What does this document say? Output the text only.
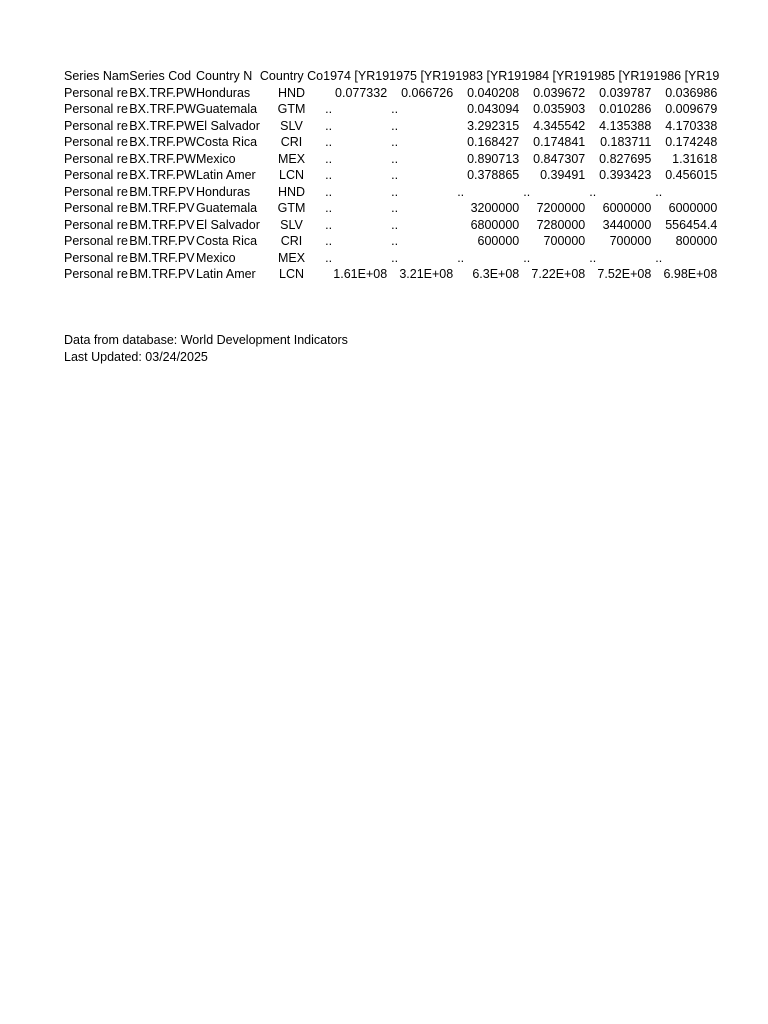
Series Nam	Series Cod	Country N	Country Co	1974 [YR19	1975 [YR19	1983 [YR19	1984 [YR19	1985 [YR19	1986 [YR19
Personal re	BX.TRF.PW	Honduras	HND	0.077332	0.066726	0.040208	0.039672	0.039787	0.036986
Personal re	BX.TRF.PW	Guatemala	GTM	..	..	0.043094	0.035903	0.010286	0.009679
Personal re	BX.TRF.PW	El Salvador	SLV	..	..	3.292315	4.345542	4.135388	4.170338
Personal re	BX.TRF.PW	Costa Rica	CRI	..	..	0.168427	0.174841	0.183711	0.174248
Personal re	BX.TRF.PW	Mexico	MEX	..	..	0.890713	0.847307	0.827695	1.31618
Personal re	BX.TRF.PW	Latin Amer	LCN	..	..	0.378865	0.39491	0.393423	0.456015
Personal re	BM.TRF.PV	Honduras	HND	..	..	..	..	..	..
Personal re	BM.TRF.PV	Guatemala	GTM	..	..	3200000	7200000	6000000	6000000
Personal re	BM.TRF.PV	El Salvador	SLV	..	..	6800000	7280000	3440000	556454.4
Personal re	BM.TRF.PV	Costa Rica	CRI	..	..	600000	700000	700000	800000
Personal re	BM.TRF.PV	Mexico	MEX	..	..	..	..	..	..
Personal re	BM.TRF.PV	Latin Amer	LCN	1.61E+08	3.21E+08	6.3E+08	7.22E+08	7.52E+08	6.98E+08
Data from database: World Development Indicators
Last Updated: 03/24/2025
